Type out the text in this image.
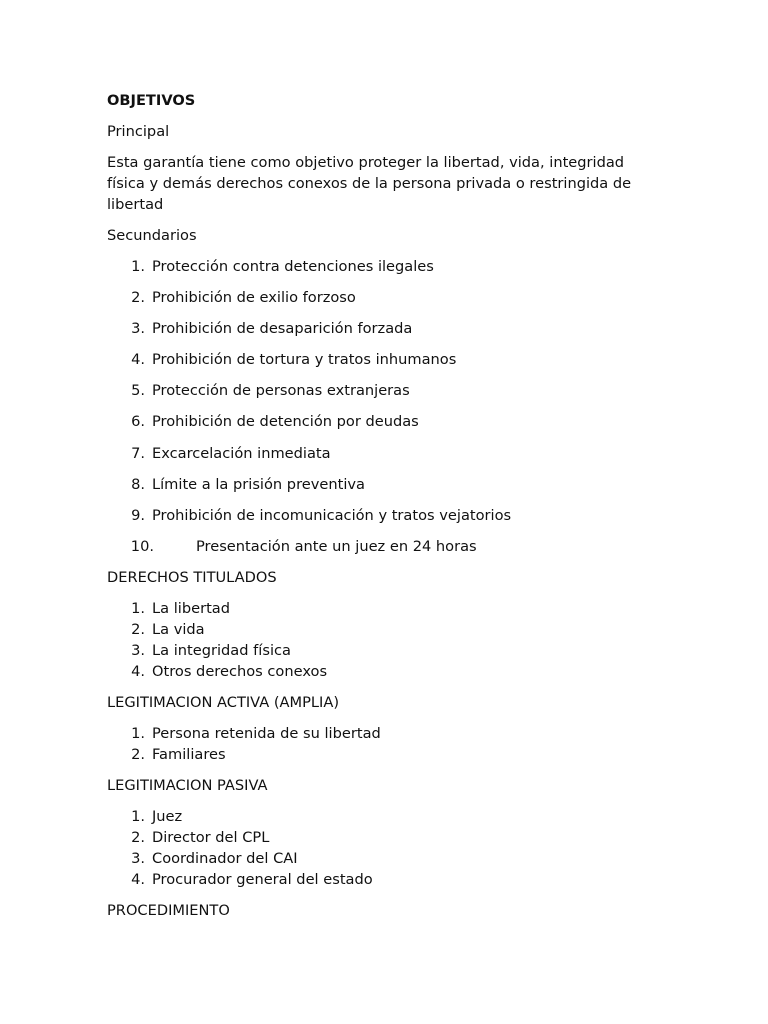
OBJETIVOS
Principal
Esta garantía tiene como objetivo proteger la libertad, vida, integridad
física y demás derechos conexos de la persona privada o restringida de
libertad
Secundarios
1. Protección contra detenciones ilegales
2. Prohibición de exilio forzoso
3. Prohibición de desaparición forzada
4. Prohibición de tortura y tratos inhumanos
5. Protección de personas extranjeras
6. Prohibición de detención por deudas
7. Excarcelación inmediata
8. Límite a la prisión preventiva
9. Prohibición de incomunicación y tratos vejatorios
10.	Presentación ante un juez en 24 horas
DERECHOS TITULADOS
1. La libertad
2. La vida
3. La integridad física
4. Otros derechos conexos
LEGITIMACION ACTIVA (AMPLIA)
1. Persona retenida de su libertad
2. Familiares
LEGITIMACION PASIVA
1. Juez
2. Director del CPL
3. Coordinador del CAI
4. Procurador general del estado
PROCEDIMIENTO
